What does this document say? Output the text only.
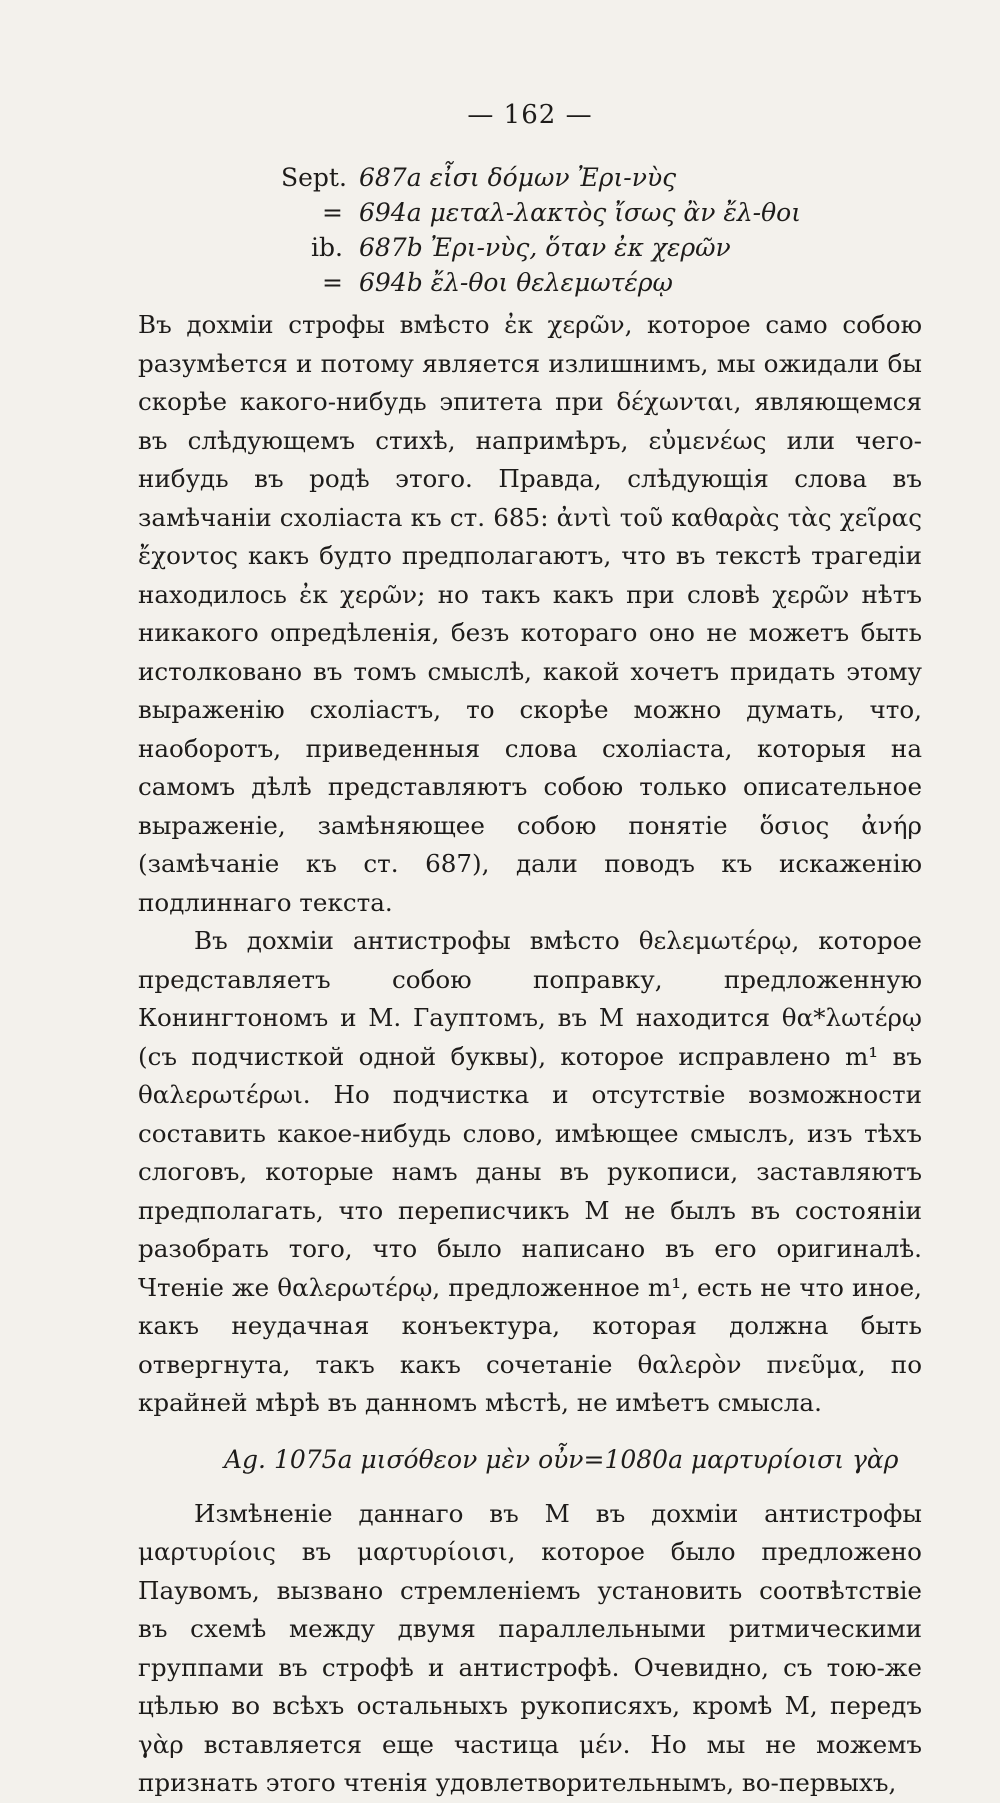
— 162 —
Sept. 687a εἶσι δόμων Ἐρι-νὺς
= 694a μεταλ-λακτὸς ἴσως ἂν ἔλ-θοι
ib. 687b Ἐρι-νὺς, ὅταν ἐκ χερῶν
= 694b ἔλ-θοι θελεμωτέρῳ

Въ дохміи строфы вмѣсто ἐκ χερῶν, которое само собою разумѣется и потому является излишнимъ, мы ожидали бы скорѣе какого-нибудь эпитета при δέχωνται, являющемся въ слѣдующемъ стихѣ, напримѣръ, εὐμενέως или чего-нибудь въ родѣ этого. Правда, слѣдующія слова въ замѣчаніи схоліаста къ ст. 685: ἀντὶ τοῦ καθαρὰς τὰς χεῖρας ἔχοντος какъ будто предполагаютъ, что въ текстѣ трагедіи находилось ἐκ χερῶν; но такъ какъ при словѣ χερῶν нѣтъ никакого опредѣленія, безъ котораго оно не можетъ быть истолковано въ томъ смыслѣ, какой хочетъ придать этому выраженію схоліастъ, то скорѣе можно думать, что, наоборотъ, приведенныя слова схоліаста, которыя на самомъ дѣлѣ представляютъ собою только описательное выраженіе, замѣняющее собою понятіе ὅσιος ἀνήρ (замѣчаніе къ ст. 687), дали поводъ къ искаженію подлиннаго текста.

Въ дохміи антистрофы вмѣсто θελεμωτέρῳ, которое представляетъ собою поправку, предложенную Конингтономъ и М. Гауптомъ, въ М находится θα*λωτέρῳ (съ подчисткой одной буквы), которое исправлено m¹ въ θαλερωτέρωι. Но подчистка и отсутствіе возможности составить какое-нибудь слово, имѣющее смыслъ, изъ тѣхъ слоговъ, которые намъ даны въ рукописи, заставляютъ предполагать, что переписчикъ М не былъ въ состояніи разобрать того, что было написано въ его оригиналѣ. Чтеніе же θαλερωτέρῳ, предложенное m¹, есть не что иное, какъ неудачная конъектура, которая должна быть отвергнута, такъ какъ сочетаніе θαλερὸν πνεῦμα, по крайней мѣрѣ въ данномъ мѣстѣ, не имѣетъ смысла.

Ag. 1075a μισόθεον μὲν οὖν=1080a μαρτυρίοισι γὰρ

Измѣненіе даннаго въ М въ дохміи антистрофы μαρτυρίοις въ μαρτυρίοισι, которое было предложено Паувомъ, вызвано стремленіемъ установить соотвѣтствіе въ схемѣ между двумя параллельными ритмическими группами въ строфѣ и антистрофѣ. Очевидно, съ тою-же цѣлью во всѣхъ остальныхъ рукописяхъ, кромѣ М, передъ γὰρ вставляется еще частица μέν. Но мы не можемъ признать этого чтенія удовлетворительнымъ, во-первыхъ,
